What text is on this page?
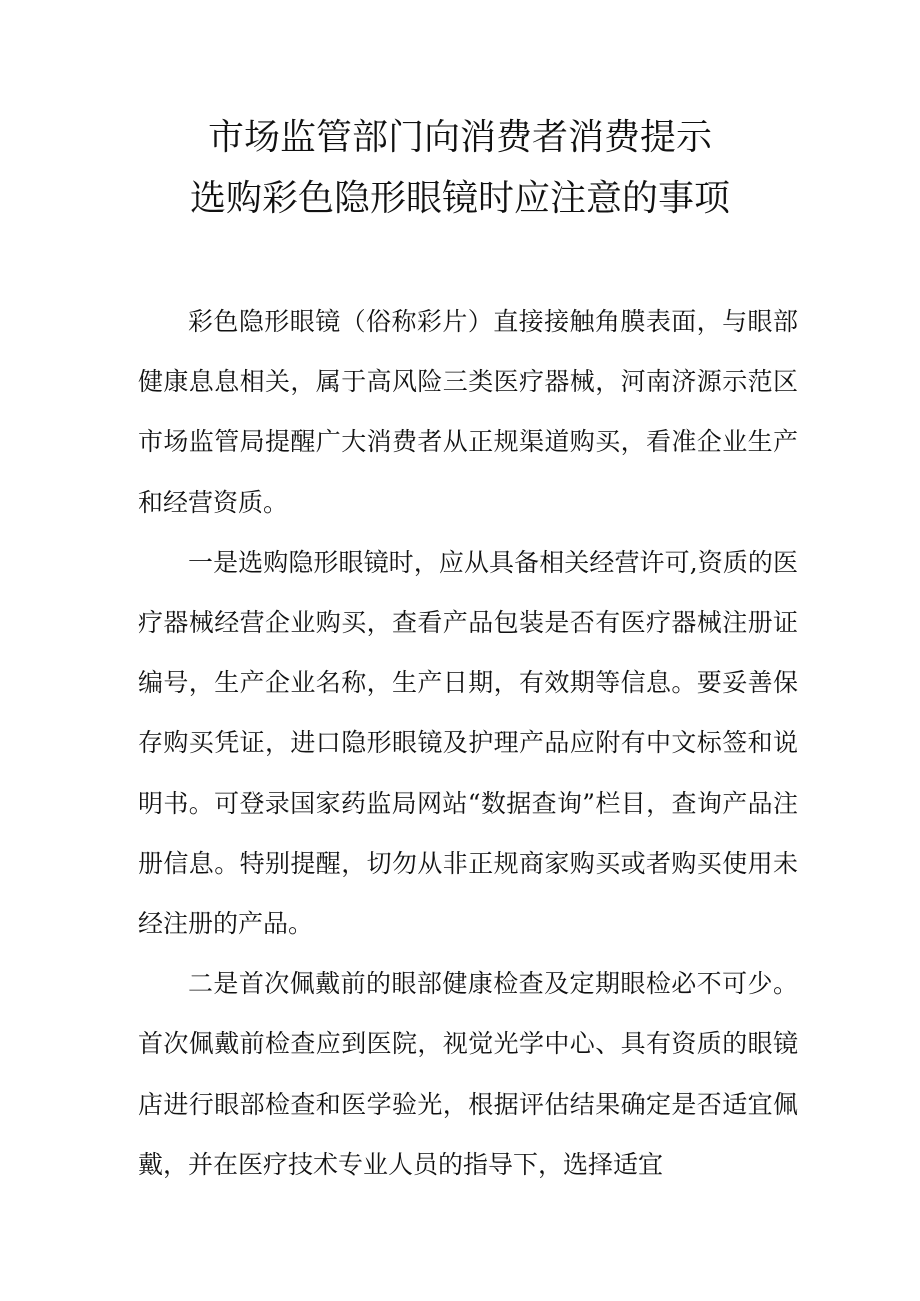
市场监管部门向消费者消费提示
选购彩色隐形眼镜时应注意的事项

彩色隐形眼镜（俗称彩片）直接接触角膜表面，与眼部健康息息相关，属于高风险三类医疗器械，河南济源示范区市场监管局提醒广大消费者从正规渠道购买，看准企业生产和经营资质。

一是选购隐形眼镜时，应从具备相关经营许可,资质的医疗器械经营企业购买，查看产品包装是否有医疗器械注册证编号，生产企业名称，生产日期，有效期等信息。要妥善保存购买凭证，进口隐形眼镜及护理产品应附有中文标签和说明书。可登录国家药监局网站“数据查询”栏目，查询产品注册信息。特别提醒，切勿从非正规商家购买或者购买使用未经注册的产品。

二是首次佩戴前的眼部健康检查及定期眼检必不可少。首次佩戴前检查应到医院，视觉光学中心、具有资质的眼镜店进行眼部检查和医学验光，根据评估结果确定是否适宜佩戴，并在医疗技术专业人员的指导下，选择适宜
